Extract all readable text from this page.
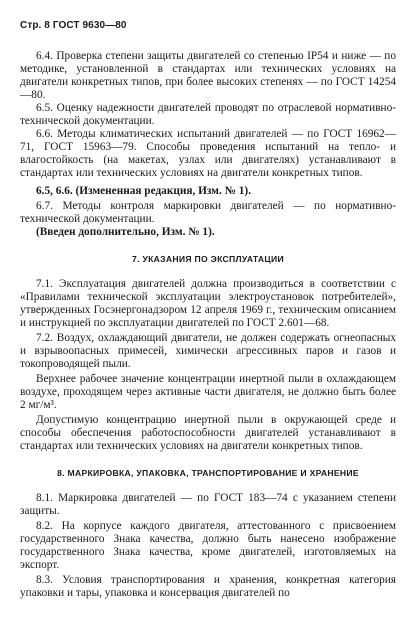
Стр. 8 ГОСТ 9630—80

6.4. Проверка степени защиты двигателей со степенью IP54 и ниже — по методике, установленной в стандартах или технических условиях на двигатели конкретных типов, при более высоких степенях — по ГОСТ 14254—80.

6.5. Оценку надежности двигателей проводят по отраслевой нормативно-технической документации.

6.6. Методы климатических испытаний двигателей — по ГОСТ 16962—71, ГОСТ 15963—79. Способы проведения испытаний на тепло- и влагостойкость (на макетах, узлах или двигателях) устанавливают в стандартах или технических условиях на двигатели конкретных типов.

6.5, 6.6. (Измененная редакция, Изм. № 1).

6.7. Методы контроля маркировки двигателей — по нормативно-технической документации.

(Введен дополнительно, Изм. № 1).

7. УКАЗАНИЯ ПО ЭКСПЛУАТАЦИИ

7.1. Эксплуатация двигателей должна производиться в соответствии с «Правилами технической эксплуатации электроустановок потребителей», утвержденных Госэнергонадзором 12 апреля 1969 г., техническим описанием и инструкцией по эксплуатации двигателей по ГОСТ 2.601—68.

7.2. Воздух, охлаждающий двигатели, не должен содержать огнеопасных и взрывоопасных примесей, химически агрессивных паров и газов и токопроводящей пыли.

Верхнее рабочее значение концентрации инертной пыли в охлаждающем воздухе, проходящем через активные части двигателя, не должно быть более 2 мг/м³.

Допустимую концентрацию инертной пыли в окружающей среде и способы обеспечения работоспособности двигателей устанавливают в стандартах или технических условиях на двигатели конкретных типов.

8. МАРКИРОВКА, УПАКОВКА, ТРАНСПОРТИРОВАНИЕ И ХРАНЕНИЕ

8.1. Маркировка двигателей — по ГОСТ 183—74 с указанием степени защиты.

8.2. На корпусе каждого двигателя, аттестованного с присвоением государственного Знака качества, должно быть нанесено изображение государственного Знака качества, кроме двигателей, изготовляемых на экспорт.

8.3. Условия транспортирования и хранения, конкретная категория упаковки и тары, упаковка и консервация двигателей по
